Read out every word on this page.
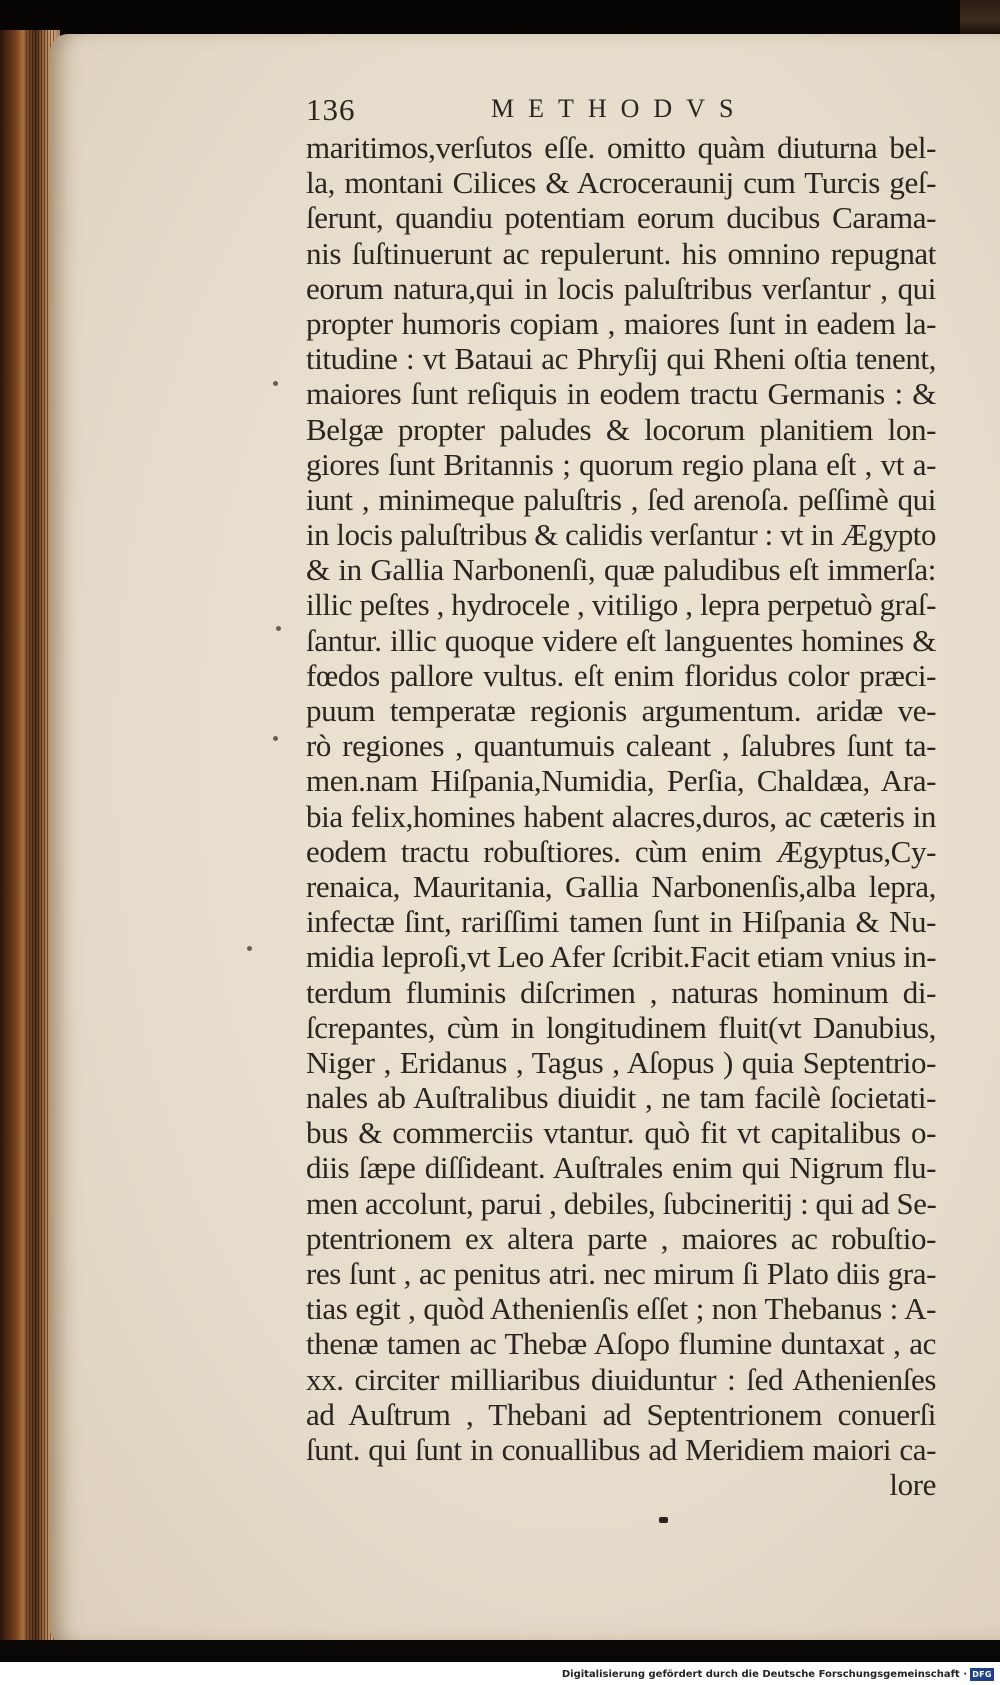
136	METHODVS
maritimos,verſutos eſſe. omitto quàm diuturna bel-
la, montani Cilices & Acroceraunij cum Turcis geſ-
ſerunt, quandiu potentiam eorum ducibus Carama-
nis ſuſtinuerunt ac repulerunt. his omnino repugnat
eorum natura,qui in locis paluſtribus verſantur , qui
propter humoris copiam , maiores ſunt in eadem la-
titudine : vt Bataui ac Phryſij qui Rheni oſtia tenent,
maiores ſunt reſiquis in eodem tractu Germanis : &
Belgæ propter paludes & locorum planitiem lon-
giores ſunt Britannis ; quorum regio plana eſt , vt a-
iunt , minimeque paluſtris , ſed arenoſa. peſſimè qui
in locis paluſtribus & calidis verſantur : vt in Ægypto
& in Gallia Narbonenſi, quæ paludibus eſt immerſa:
illic peſtes , hydrocele , vitiligo , lepra perpetuò graſ-
ſantur. illic quoque videre eſt languentes homines &
fœdos pallore vultus. eſt enim floridus color præci-
puum temperatæ regionis argumentum. aridæ ve-
rò regiones , quantumuis caleant , ſalubres ſunt ta-
men.nam Hiſpania,Numidia, Perſia, Chaldæa, Ara-
bia felix,homines habent alacres,duros, ac cæteris in
eodem tractu robuſtiores. cùm enim Ægyptus,Cy-
renaica, Mauritania, Gallia Narbonenſis,alba lepra,
infectæ ſint, rariſſimi tamen ſunt in Hiſpania & Nu-
midia leproſi,vt Leo Afer ſcribit.Facit etiam vnius in-
terdum fluminis diſcrimen , naturas hominum di-
ſcrepantes, cùm in longitudinem fluit(vt Danubius,
Niger , Eridanus , Tagus , Aſopus ) quia Septentrio-
nales ab Auſtralibus diuidit , ne tam facilè ſocietati-
bus & commerciis vtantur. quò fit vt capitalibus o-
diis ſæpe diſſideant. Auſtrales enim qui Nigrum flu-
men accolunt, parui , debiles, ſubcineritij : qui ad Se-
ptentrionem ex altera parte , maiores ac robuſtio-
res ſunt , ac penitus atri. nec mirum ſi Plato diis gra-
tias egit , quòd Athenienſis eſſet ; non Thebanus : A-
thenæ tamen ac Thebæ Aſopo flumine duntaxat , ac
xx. circiter milliaribus diuiduntur : ſed Athenienſes
ad Auſtrum , Thebani ad Septentrionem conuerſi
ſunt. qui ſunt in conuallibus ad Meridiem maiori ca-
lore
Digitalisierung gefördert durch die Deutsche Forschungsgemeinschaft · DFG
